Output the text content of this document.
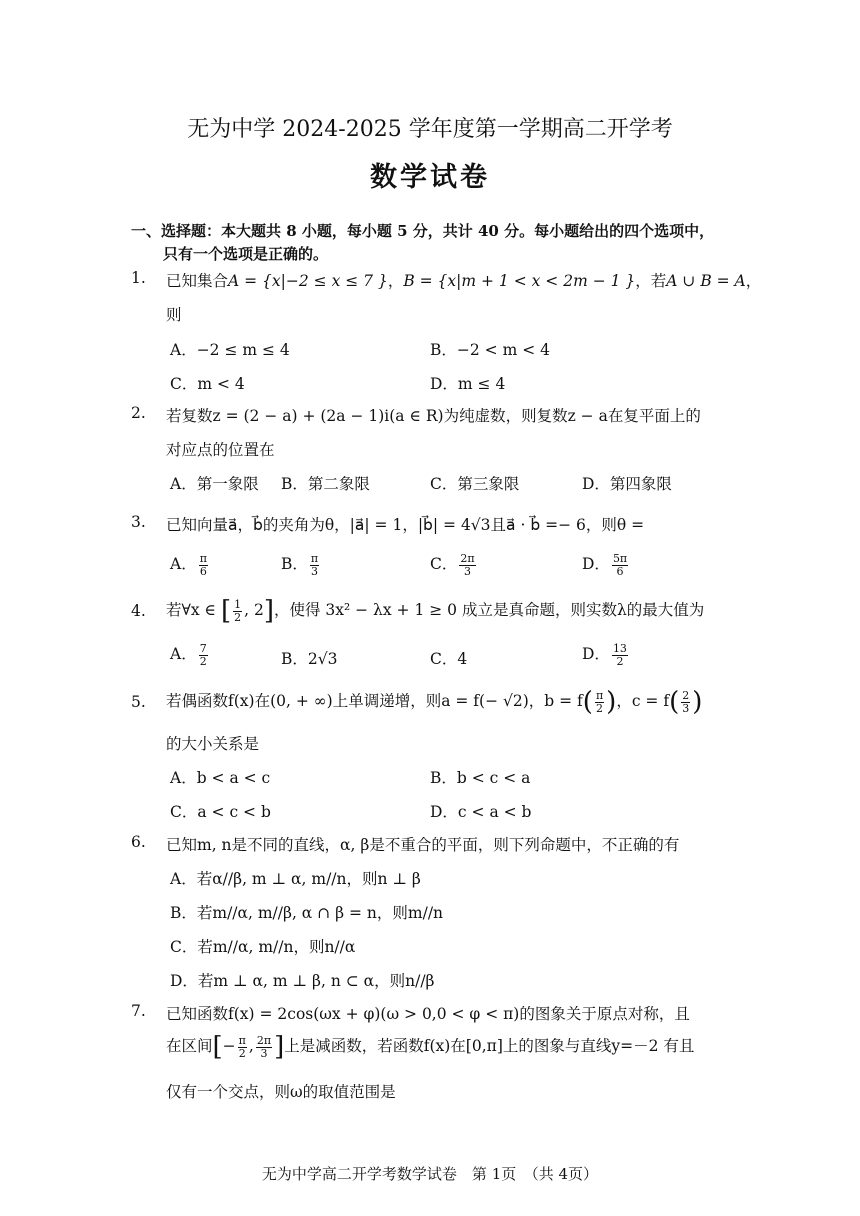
无为中学 2024-2025 学年度第一学期高二开学考
数学试卷
一、选择题：本大题共 8 小题，每小题 5 分，共计 40 分。每小题给出的四个选项中，
只有一个选项是正确的。
1. 已知集合A = {x|−2 ≤ x ≤ 7 }，B = {x|m + 1 < x < 2m − 1 }，若A ∪ B = A，
则
A．−2 ≤ m ≤ 4	B．−2 < m < 4
C．m < 4	D．m ≤ 4
2. 若复数z = (2 − a) + (2a − 1)i(a ∈ R)为纯虚数，则复数z − a在复平面上的
对应点的位置在
A．第一象限 B．第二象限	C．第三象限	D．第四象限
3. 已知向量a⃗，b⃗的夹角为θ，|a⃗| = 1，|b⃗| = 4√3且a⃗ · b⃗ =− 6，则θ =
A． $\frac{\pi}{6}$	B． $\frac{\pi}{3}$	C． $\frac{2\pi}{3}$	D． $\frac{5\pi}{6}$
4. 若∀x ∈ [ $\frac{1}{2}$ , 2]，使得 3x² − λx + 1 ≥ 0 成立是真命题，则实数λ的最大值为
A． $\frac{7}{2}$	B．2√3	C．4	D． $\frac{13}{2}$
5. 若偶函数f(x)在(0, + ∞)上单调递增，则a = f(− √2)，$b = f( \frac{\pi}{2}$ )，$c = f( \frac{2}{3}$ )
的大小关系是
A．b < a < c	B．b < c < a
C．a < c < b	D．c < a < b
6. 已知m, n是不同的直线，α, β是不重合的平面，则下列命题中，不正确的有
A．若α//β, m ⊥ α, m//n，则n ⊥ β
B．若m//α, m//β, α ∩ β = n，则m//n
C．若m//α, m//n，则n//α
D．若m ⊥ α, m ⊥ β, n ⊂ α，则n//β
7. 已知函数f(x) = 2cos(ωx + φ)(ω > 0,0 < φ < π)的图象关于原点对称，且
在区间[− $\frac{\pi}{2}$ , $\frac{2\pi}{3}$ ]上是减函数，若函数f(x)在[0,π]上的图象与直线y=－2 有且
仅有一个交点，则ω的取值范围是
无为中学高二开学考数学试卷　第 1页　（共 4页）
